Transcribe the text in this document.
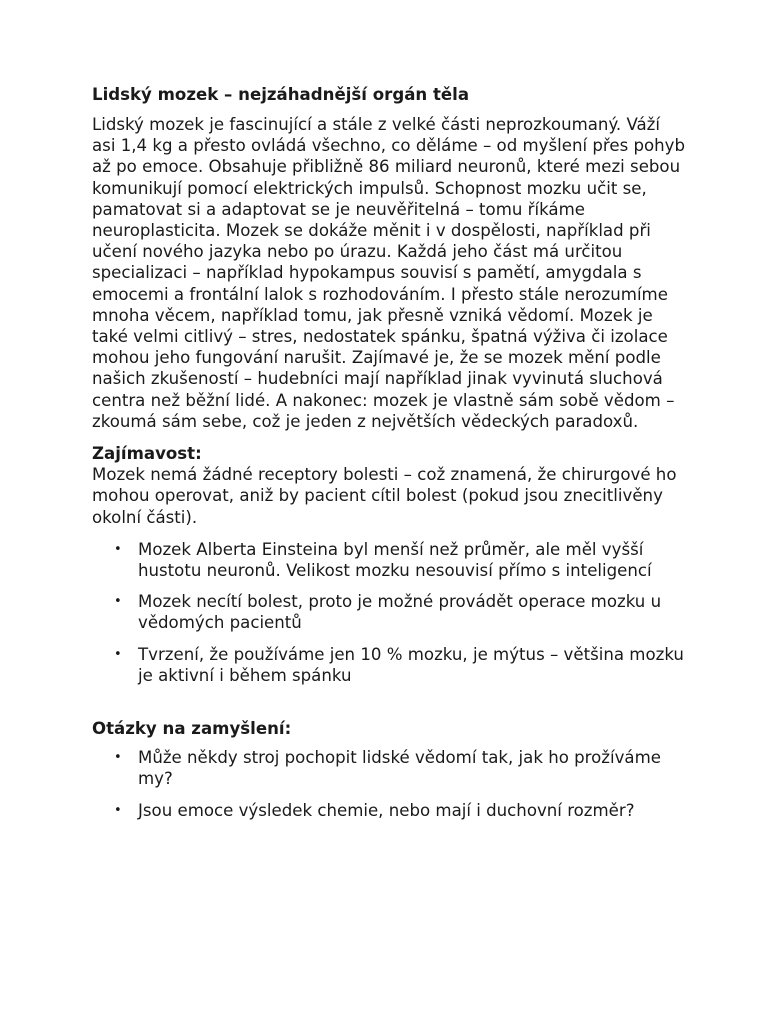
Lidský mozek – nejzáhadnější orgán těla

Lidský mozek je fascinující a stále z velké části neprozkoumaný. Váží asi 1,4 kg a přesto ovládá všechno, co děláme – od myšlení přes pohyb až po emoce. Obsahuje přibližně 86 miliard neuronů, které mezi sebou komunikují pomocí elektrických impulsů. Schopnost mozku učit se, pamatovat si a adaptovat se je neuvěřitelná – tomu říkáme neuroplasticita. Mozek se dokáže měnit i v dospělosti, například při učení nového jazyka nebo po úrazu. Každá jeho část má určitou specializaci – například hypokampus souvisí s pamětí, amygdala s emocemi a frontální lalok s rozhodováním. I přesto stále nerozumíme mnoha věcem, například tomu, jak přesně vzniká vědomí. Mozek je také velmi citlivý – stres, nedostatek spánku, špatná výživa či izolace mohou jeho fungování narušit. Zajímavé je, že se mozek mění podle našich zkušeností – hudebníci mají například jinak vyvinutá sluchová centra než běžní lidé. A nakonec: mozek je vlastně sám sobě vědom – zkoumá sám sebe, což je jeden z největších vědeckých paradoxů.

Zajímavost:

Mozek nemá žádné receptory bolesti – což znamená, že chirurgové ho mohou operovat, aniž by pacient cítil bolest (pokud jsou znecitlivěny okolní části).

• Mozek Alberta Einsteina byl menší než průměr, ale měl vyšší hustotu neuronů. Velikost mozku nesouvisí přímo s inteligencí
• Mozek necítí bolest, proto je možné provádět operace mozku u vědomých pacientů
• Tvrzení, že používáme jen 10 % mozku, je mýtus – většina mozku je aktivní i během spánku
Otázky na zamyšlení:
• Může někdy stroj pochopit lidské vědomí tak, jak ho prožíváme my?
• Jsou emoce výsledek chemie, nebo mají i duchovní rozměr?
